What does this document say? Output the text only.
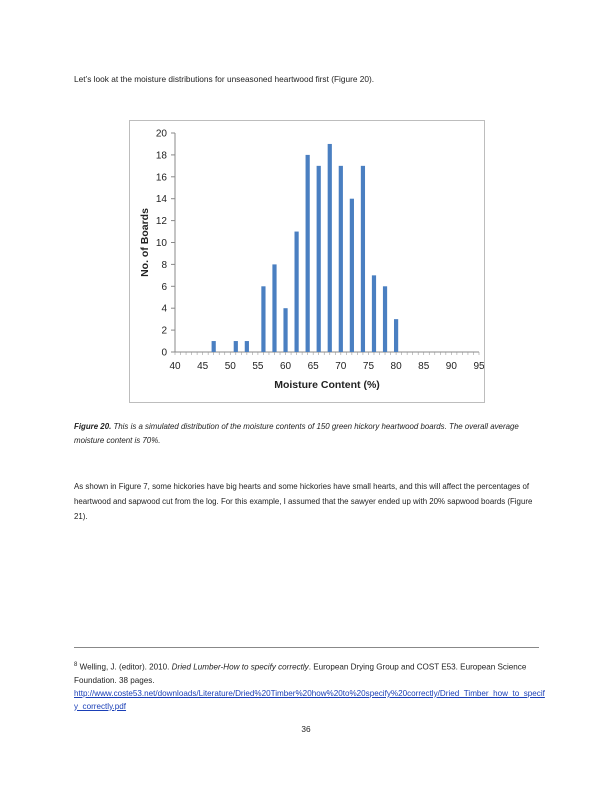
Let’s look at the moisture distributions for unseasoned heartwood first (Figure 20).
0
2
4
6
8
10
12
14
16
18
20
40 45 50 55 60 65 70 75 80 85 90 95
Moisture Content (%)
No. of Boards
Figure 20. This is a simulated distribution of the moisture contents of 150 green hickory heartwood boards. The overall average moisture content is 70%.
As shown in Figure 7, some hickories have big hearts and some hickories have small hearts, and this will affect the percentages of heartwood and sapwood cut from the log. For this example, I assumed that the sawyer ended up with 20% sapwood boards (Figure 21).
$^8$ Welling, J. (editor). 2010. Dried Lumber-How to specify correctly. European Drying Group and COST E53. European Science Foundation. 38 pages.
http://www.coste53.net/downloads/Literature/Dried%20Timber%20how%20to%20specify%20correctly/Dried_Timber_how_to_specify_correctly.pdf
36
